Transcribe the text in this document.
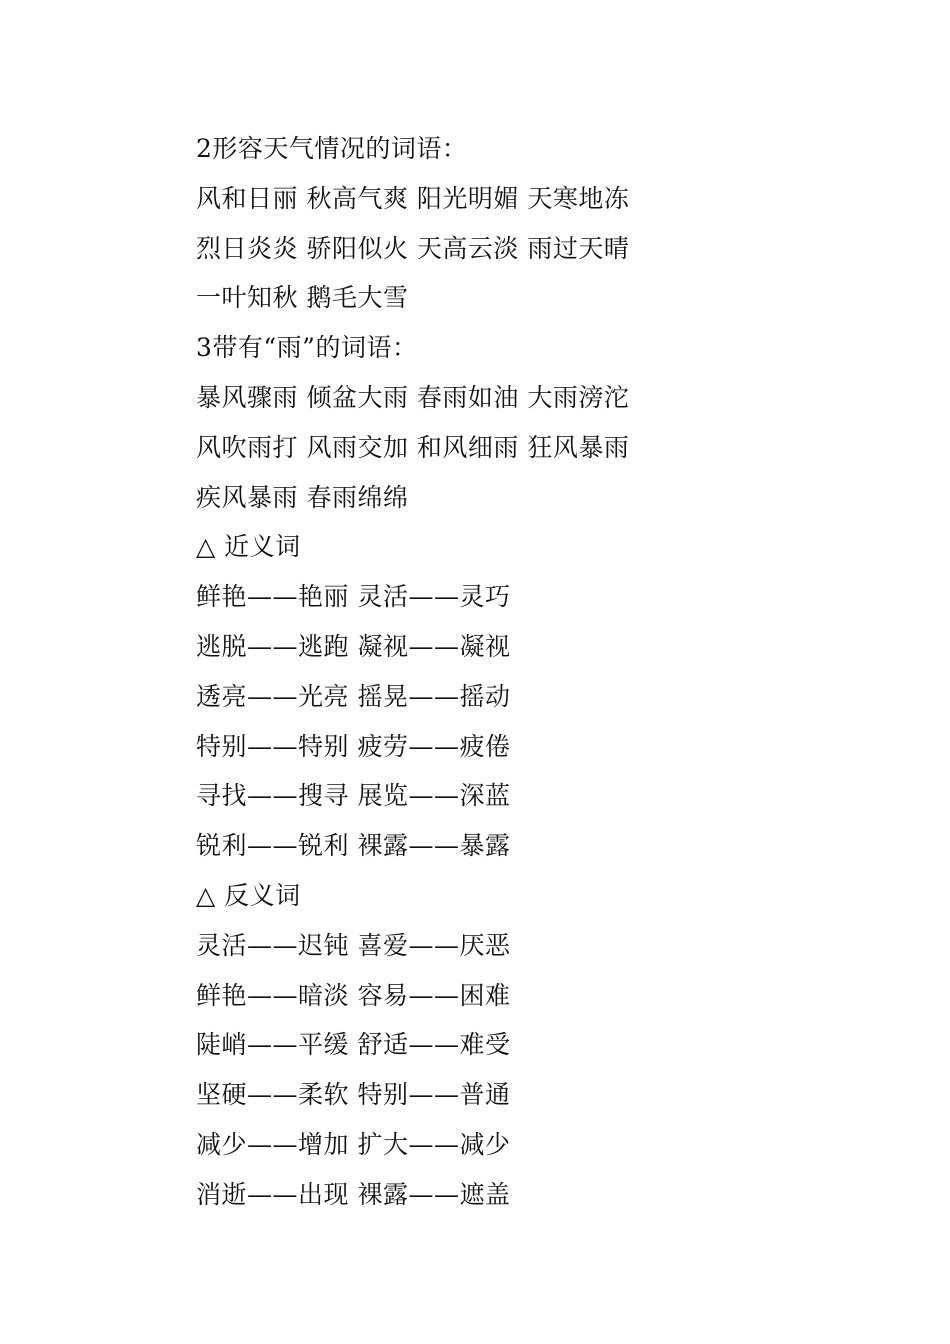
2形容天气情况的词语：
风和日丽 秋高气爽 阳光明媚 天寒地冻
烈日炎炎 骄阳似火 天高云淡 雨过天晴
一叶知秋 鹅毛大雪
3带有“雨”的词语：
暴风骤雨 倾盆大雨 春雨如油 大雨滂沱
风吹雨打 风雨交加 和风细雨 狂风暴雨
疾风暴雨 春雨绵绵
△ 近义词
鲜艳——艳丽 灵活——灵巧
逃脱——逃跑 凝视——凝视
透亮——光亮 摇晃——摇动
特别——特别 疲劳——疲倦
寻找——搜寻 展览——深蓝
锐利——锐利 裸露——暴露
△ 反义词
灵活——迟钝 喜爱——厌恶
鲜艳——暗淡 容易——困难
陡峭——平缓 舒适——难受
坚硬——柔软 特别——普通
减少——增加 扩大——减少
消逝——出现 裸露——遮盖
